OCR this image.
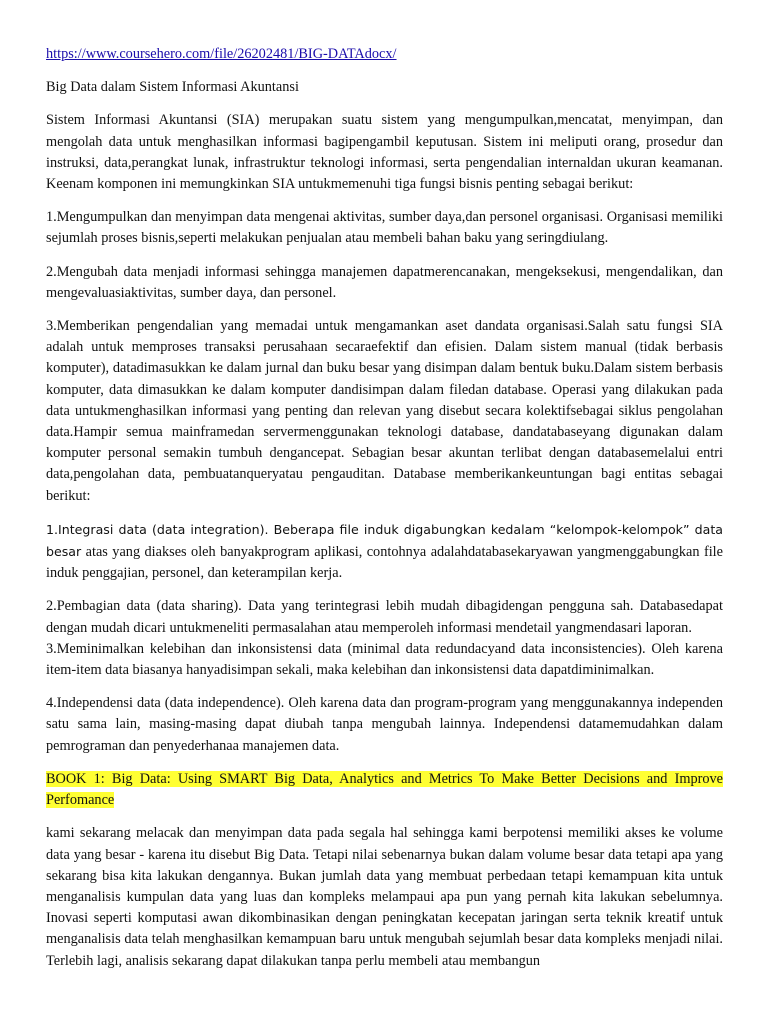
https://www.coursehero.com/file/26202481/BIG-DATAdocx/

Big Data dalam Sistem Informasi Akuntansi

Sistem Informasi Akuntansi (SIA) merupakan suatu sistem yang mengumpulkan,mencatat, menyimpan, dan mengolah data untuk menghasilkan informasi bagipengambil keputusan. Sistem ini meliputi orang, prosedur dan instruksi, data,perangkat lunak, infrastruktur teknologi informasi, serta pengendalian internaldan ukuran keamanan. Keenam komponen ini memungkinkan SIA untukmemenuhi tiga fungsi bisnis penting sebagai berikut:

1.Mengumpulkan dan menyimpan data mengenai aktivitas, sumber daya,dan personel organisasi. Organisasi memiliki sejumlah proses bisnis,seperti melakukan penjualan atau membeli bahan baku yang seringdiulang.

2.Mengubah data menjadi informasi sehingga manajemen dapatmerencanakan, mengeksekusi, mengendalikan, dan mengevaluasiaktivitas, sumber daya, dan personel.

3.Memberikan pengendalian yang memadai untuk mengamankan aset dandata organisasi.Salah satu fungsi SIA adalah untuk memproses transaksi perusahaan secaraefektif dan efisien. Dalam sistem manual (tidak berbasis komputer), datadimasukkan ke dalam jurnal dan buku besar yang disimpan dalam bentuk buku.Dalam sistem berbasis komputer, data dimasukkan ke dalam komputer dandisimpan dalam filedan database. Operasi yang dilakukan pada data untukmenghasilkan informasi yang penting dan relevan yang disebut secara kolektifsebagai siklus pengolahan data.Hampir semua mainframedan servermenggunakan teknologi database, dandatabaseyang digunakan dalam komputer personal semakin tumbuh dengancepat. Sebagian besar akuntan terlibat dengan databasemelalui entri data,pengolahan data, pembuatanqueryatau pengauditan. Database memberikankeuntungan bagi entitas sebagai berikut:

1.Integrasi data (data integration). Beberapa file induk digabungkan kedalam “kelompok-kelompok” data besar atas yang diakses oleh banyakprogram aplikasi, contohnya adalahdatabasekaryawan yangmenggabungkan file induk penggajian, personel, dan keterampilan kerja.

2.Pembagian data (data sharing). Data yang terintegrasi lebih mudah dibagidengan pengguna sah. Databasedapat dengan mudah dicari untukmeneliti permasalahan atau memperoleh informasi mendetail yangmendasari laporan.

3.Meminimalkan kelebihan dan inkonsistensi data (minimal data redundacyand data inconsistencies). Oleh karena item-item data biasanya hanyadisimpan sekali, maka kelebihan dan inkonsistensi data dapatdiminimalkan.

4.Independensi data (data independence). Oleh karena data dan program-program yang menggunakannya independen satu sama lain, masing-masing dapat diubah tanpa mengubah lainnya. Independensi datamemudahkan dalam pemrograman dan penyederhanaa manajemen data.

BOOK 1: Big Data: Using SMART Big Data, Analytics and Metrics To Make Better Decisions and Improve Perfomance

kami sekarang melacak dan menyimpan data pada segala hal sehingga kami berpotensi memiliki akses ke volume data yang besar - karena itu disebut Big Data. Tetapi nilai sebenarnya bukan dalam volume besar data tetapi apa yang sekarang bisa kita lakukan dengannya. Bukan jumlah data yang membuat perbedaan tetapi kemampuan kita untuk menganalisis kumpulan data yang luas dan kompleks melampaui apa pun yang pernah kita lakukan sebelumnya. Inovasi seperti komputasi awan dikombinasikan dengan peningkatan kecepatan jaringan serta teknik kreatif untuk menganalisis data telah menghasilkan kemampuan baru untuk mengubah sejumlah besar data kompleks menjadi nilai. Terlebih lagi, analisis sekarang dapat dilakukan tanpa perlu membeli atau membangun
